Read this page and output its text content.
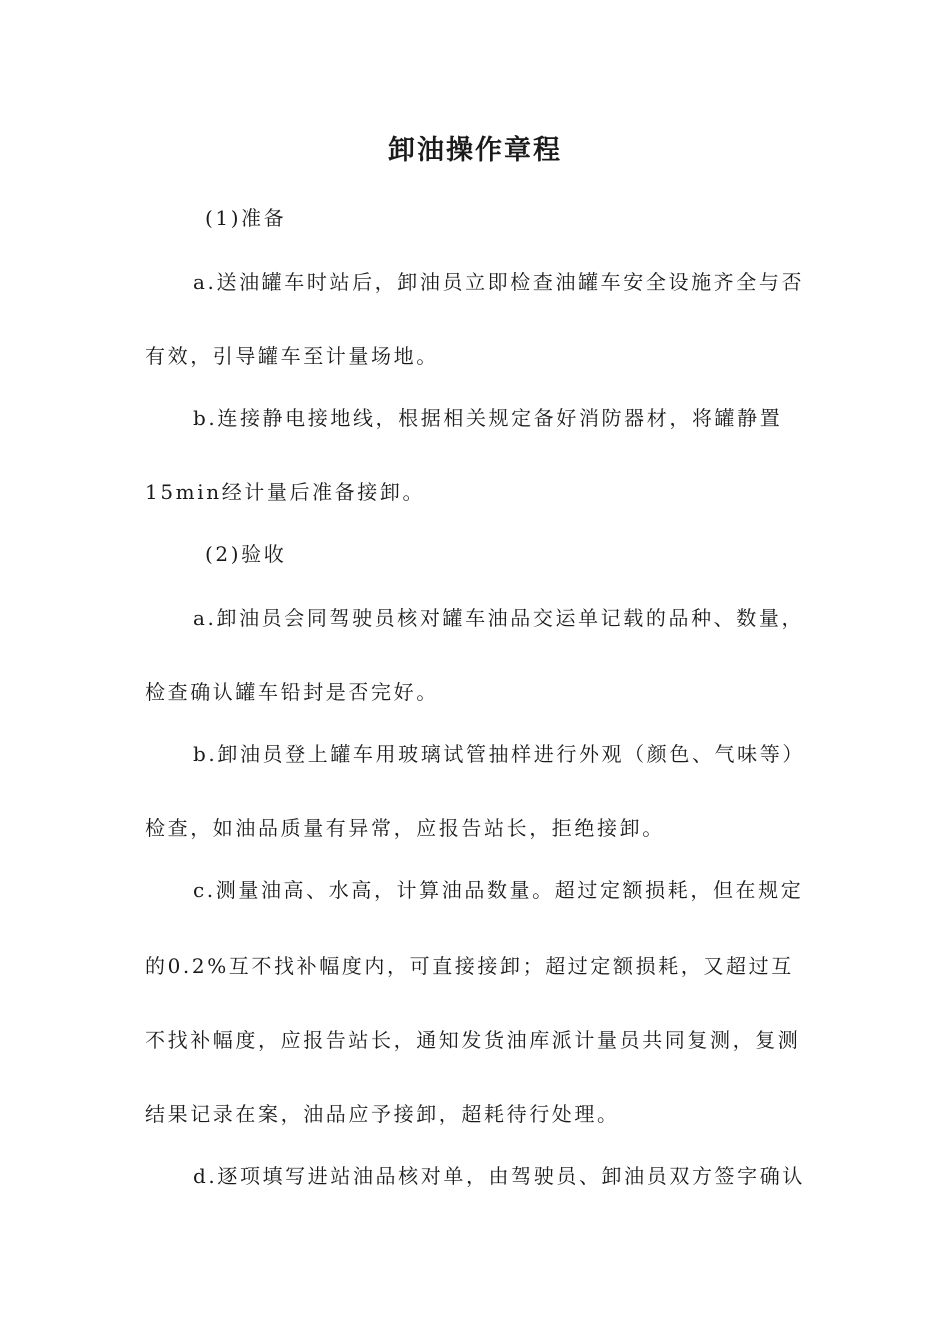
卸油操作章程
(1)准备
a.送油罐车时站后，卸油员立即检查油罐车安全设施齐全与否
有效，引导罐车至计量场地。
b.连接静电接地线，根据相关规定备好消防器材，将罐静置
15min经计量后准备接卸。
(2)验收
a.卸油员会同驾驶员核对罐车油品交运单记载的品种、数量，
检查确认罐车铅封是否完好。
b.卸油员登上罐车用玻璃试管抽样进行外观（颜色、气味等）
检查，如油品质量有异常，应报告站长，拒绝接卸。
c.测量油高、水高，计算油品数量。超过定额损耗，但在规定
的0.2%互不找补幅度内，可直接接卸；超过定额损耗，又超过互
不找补幅度，应报告站长，通知发货油库派计量员共同复测，复测
结果记录在案，油品应予接卸，超耗待行处理。
d.逐项填写进站油品核对单，由驾驶员、卸油员双方签字确认
